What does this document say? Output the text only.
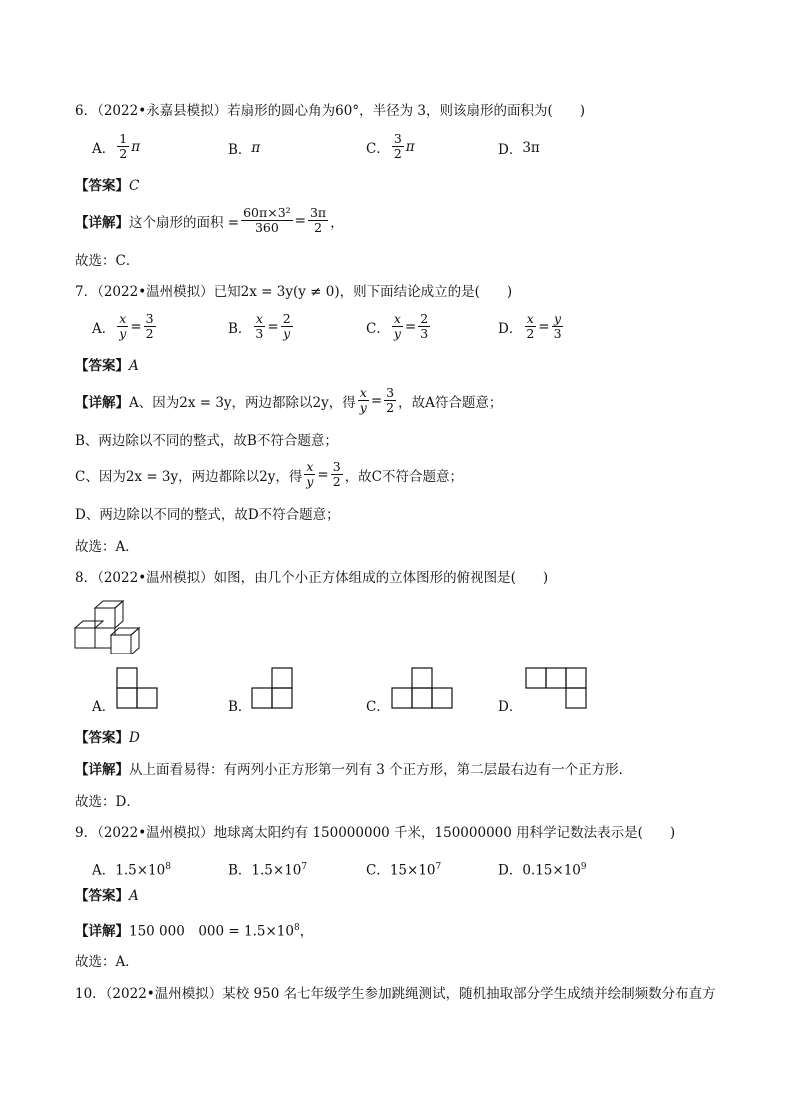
6．（2022•永嘉县模拟）若扇形的圆心角为60°，半径为 3，则该扇形的面积为(　　)
A． $\frac{1}{2}$ π	B． π	C． $\frac{3}{2}$ π	D． 3π
【答案】C
【详解】 这个扇形的面积 = $\frac{\text{60π×3²}}{360} = \frac{3\pi}{2}$ ，
故选：C．
7．（2022•温州模拟）已知2x = 3y(y ≠ 0)，则下面结论成立的是(　　)
A． $\frac{x}{y} = \frac{3}{2}$	B． $\frac{x}{3} = \frac{2}{y}$	C． $\frac{x}{y} = \frac{2}{3}$	D． $\frac{x}{2} = \frac{y}{3}$
【答案】A
【详解】 A、因为2x = 3y，两边都除以2y，得 $\frac{x}{y} = \frac{3}{2}$ ，故A符合题意；
B、两边除以不同的整式，故B不符合题意；
C、因为2x = 3y，两边都除以2y，得 $\frac{x}{y} = \frac{3}{2}$ ，故C不符合题意；
D、两边除以不同的整式，故D不符合题意；
故选：A．
8．（2022•温州模拟）如图，由几个小正方体组成的立体图形的俯视图是(　　)
A．	B．	C．	D．
【答案】D
【详解】从上面看易得：有两列小正方形第一列有 3 个正方形，第二层最右边有一个正方形．
故选：D．
9．（2022•温州模拟）地球离太阳约有 150000000 千米，150000000 用科学记数法表示是(　　)
A．$1.5\times 10^8$	B．$1.5\times 10^7$	C．$15\times 10^7$	D．$0.15\times 10^9$
【答案】A
【详解】150 000　$000 = 1.5\times 10^8$，
故选：A．
10．（2022•温州模拟）某校 950 名七年级学生参加跳绳测试，随机抽取部分学生成绩并绘制频数分布直方
